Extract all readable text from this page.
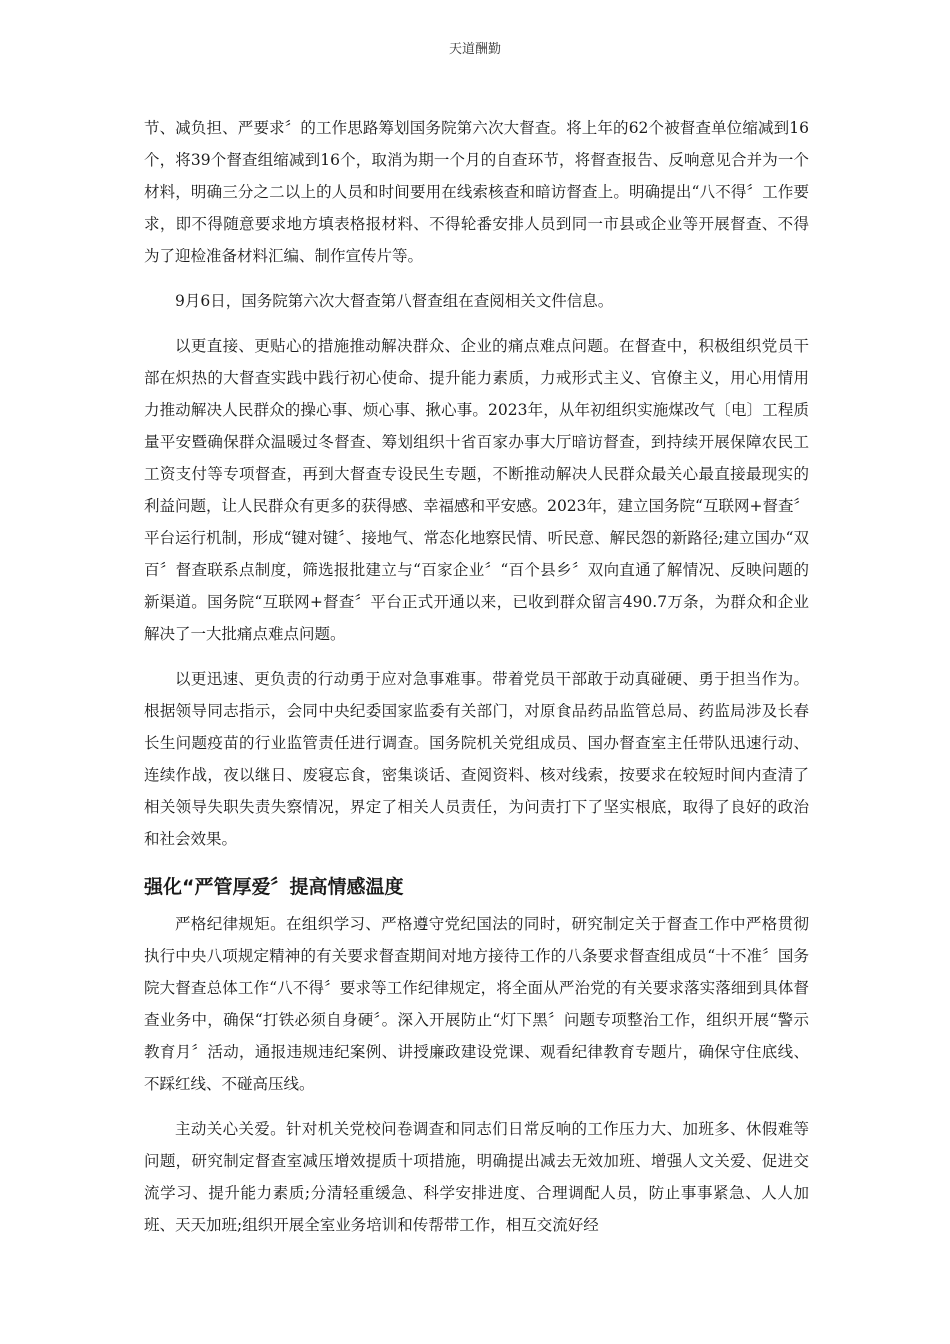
天道酬勤

节、减负担、严要求〞的工作思路筹划国务院第六次大督查。将上年的62个被督查单位缩减到16个，将39个督查组缩减到16个，取消为期一个月的自查环节，将督查报告、反响意见合并为一个材料，明确三分之二以上的人员和时间要用在线索核查和暗访督查上。明确提出“八不得〞工作要求，即不得随意要求地方填表格报材料、不得轮番安排人员到同一市县或企业等开展督查、不得为了迎检准备材料汇编、制作宣传片等。

9月6日，国务院第六次大督查第八督查组在查阅相关文件信息。

以更直接、更贴心的措施推动解决群众、企业的痛点难点问题。在督查中，积极组织党员干部在炽热的大督查实践中践行初心使命、提升能力素质，力戒形式主义、官僚主义，用心用情用力推动解决人民群众的操心事、烦心事、揪心事。2023年，从年初组织实施煤改气〔电〕工程质量平安暨确保群众温暖过冬督查、筹划组织十省百家办事大厅暗访督查，到持续开展保障农民工工资支付等专项督查，再到大督查专设民生专题，不断推动解决人民群众最关心最直接最现实的利益问题，让人民群众有更多的获得感、幸福感和平安感。2023年，建立国务院“互联网+督查〞平台运行机制，形成“键对键〞、接地气、常态化地察民情、听民意、解民怨的新路径;建立国办“双百〞督查联系点制度，筛选报批建立与“百家企业〞“百个县乡〞双向直通了解情况、反映问题的新渠道。国务院“互联网+督查〞平台正式开通以来，已收到群众留言490.7万条，为群众和企业解决了一大批痛点难点问题。

以更迅速、更负责的行动勇于应对急事难事。带着党员干部敢于动真碰硬、勇于担当作为。根据领导同志指示，会同中央纪委国家监委有关部门，对原食品药品监管总局、药监局涉及长春长生问题疫苗的行业监管责任进行调查。国务院机关党组成员、国办督查室主任带队迅速行动、连续作战，夜以继日、废寝忘食，密集谈话、查阅资料、核对线索，按要求在较短时间内查清了相关领导失职失责失察情况，界定了相关人员责任，为问责打下了坚实根底，取得了良好的政治和社会效果。

强化“严管厚爱〞提高情感温度

严格纪律规矩。在组织学习、严格遵守党纪国法的同时，研究制定关于督查工作中严格贯彻执行中央八项规定精神的有关要求督查期间对地方接待工作的八条要求督查组成员“十不准〞国务院大督查总体工作“八不得〞要求等工作纪律规定，将全面从严治党的有关要求落实落细到具体督查业务中，确保“打铁必须自身硬〞。深入开展防止“灯下黑〞问题专项整治工作，组织开展“警示教育月〞活动，通报违规违纪案例、讲授廉政建设党课、观看纪律教育专题片，确保守住底线、不踩红线、不碰高压线。

主动关心关爱。针对机关党校问卷调查和同志们日常反响的工作压力大、加班多、休假难等问题，研究制定督查室减压增效提质十项措施，明确提出减去无效加班、增强人文关爱、促进交流学习、提升能力素质;分清轻重缓急、科学安排进度、合理调配人员，防止事事紧急、人人加班、天天加班;组织开展全室业务培训和传帮带工作，相互交流好经
